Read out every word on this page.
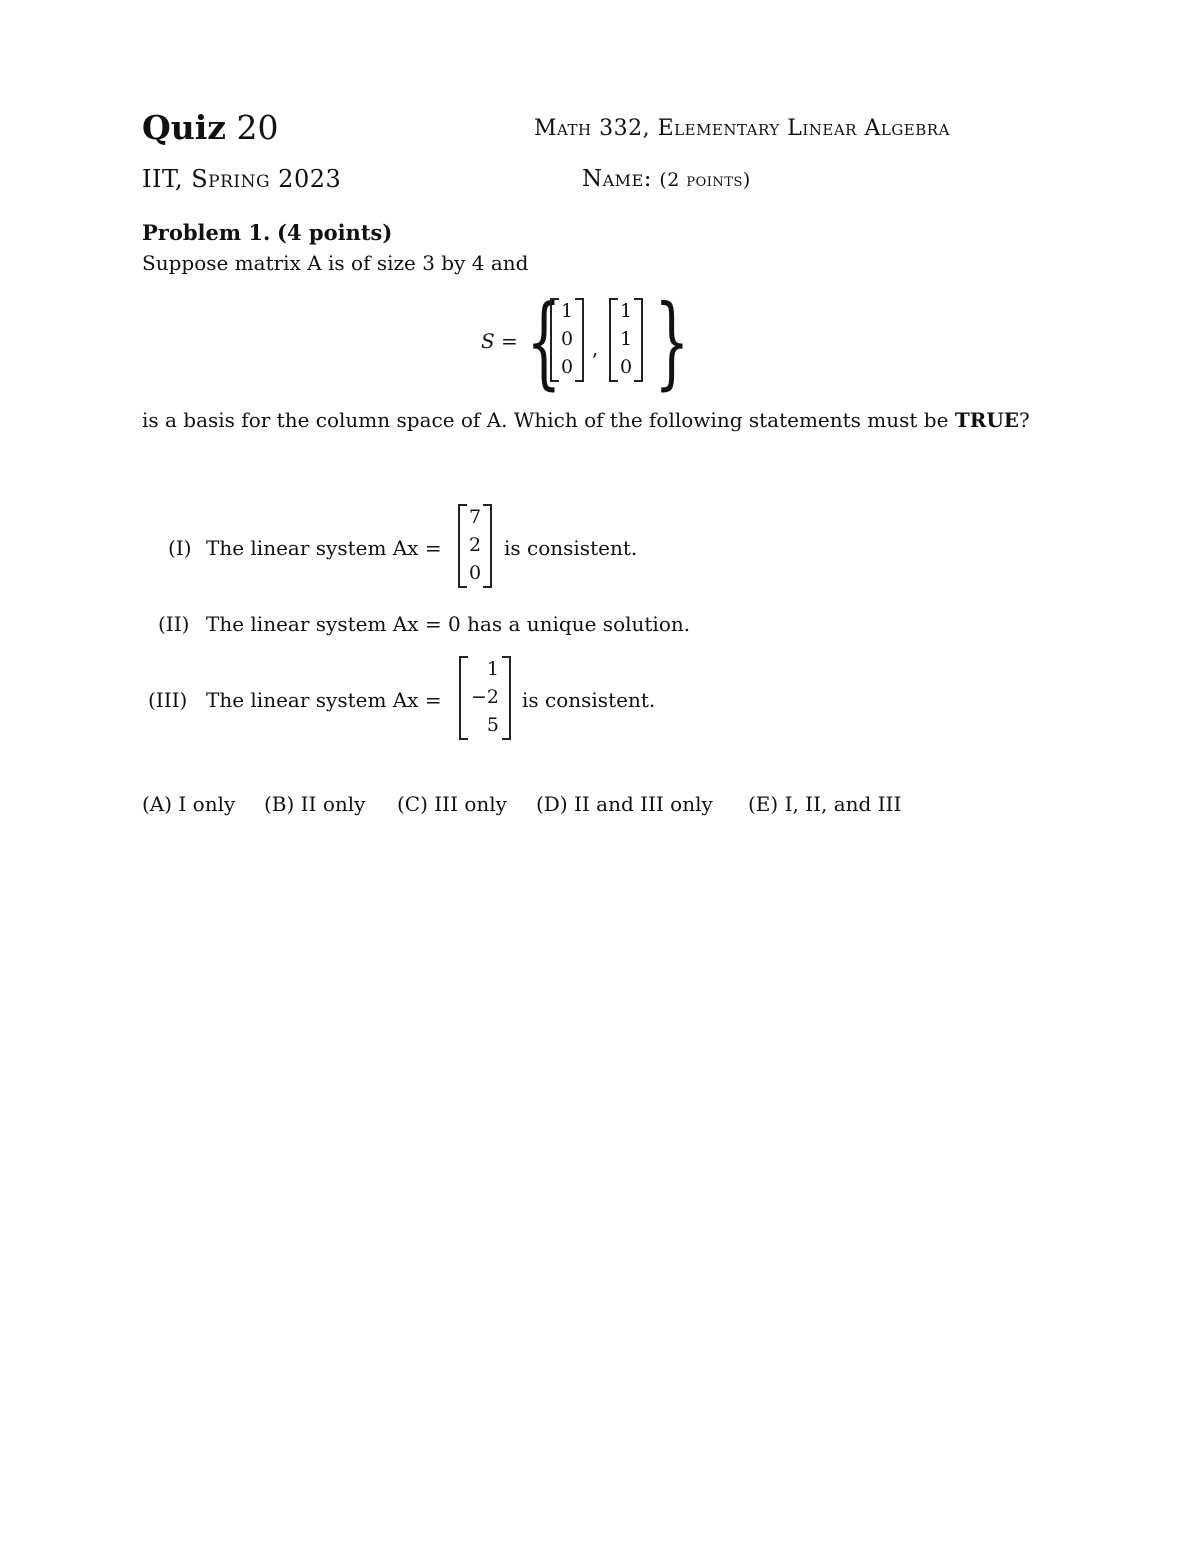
Quiz 20	Math 332, Elementary Linear Algebra
IIT, Spring 2023	Name: (2 points)
Problem 1. (4 points)
Suppose matrix A is of size 3 by 4 and
S = { 1
0
0
,
1
1
0 }
is a basis for the column space of A. Which of the following statements must be TRUE?
(I) The linear system Ax =
7
2
0
is consistent.
(II) The linear system Ax = 0 has a unique solution.
(III) The linear system Ax =
1
−2
5
is consistent.
(A) I only (B) II only (C) III only (D) II and III only (E) I, II, and III
